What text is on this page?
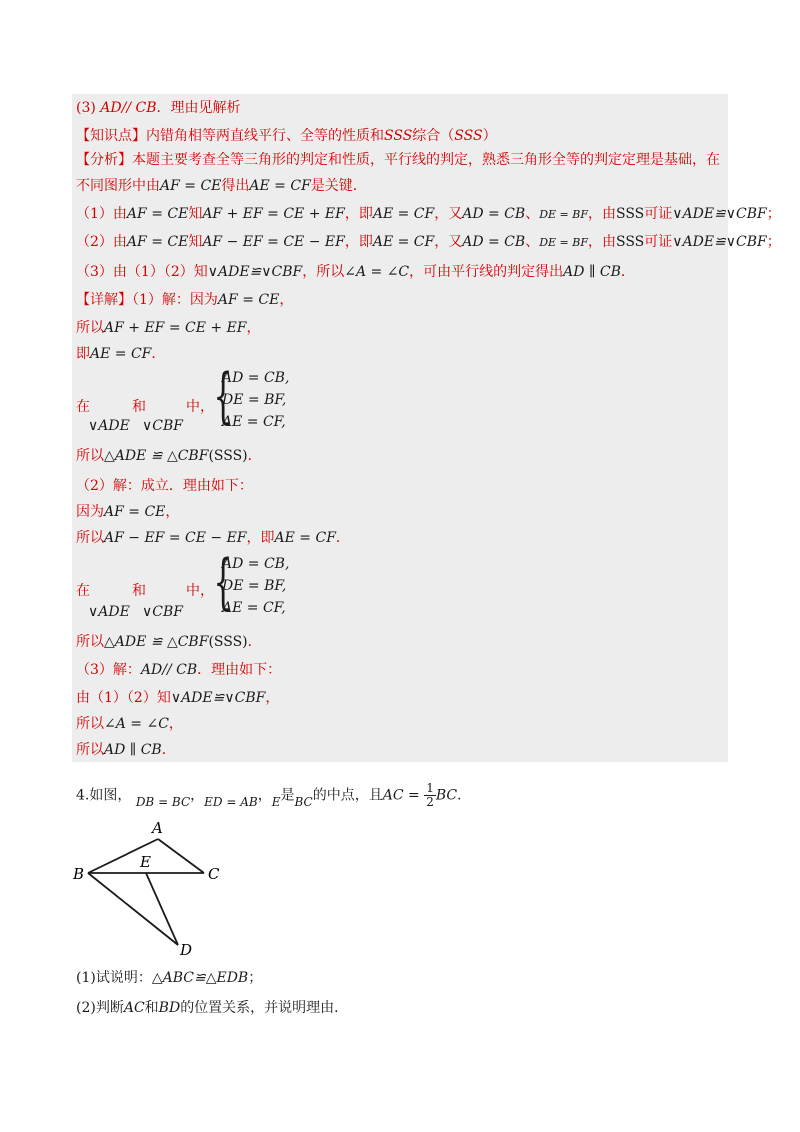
(3) AD// CB．理由见解析
【知识点】内错角相等两直线平行、全等的性质和SSS综合（SSS）
【分析】本题主要考查全等三角形的判定和性质，平行线的判定，熟悉三角形全等的判定定理是基础，在
不同图形中由AF = CE得出AE = CF是关键．
（1）由AF = CE知AF + EF = CE + EF，即AE = CF，又AD = CB、DE = BF，由SSS可证∨ADE≌∨CBF；
（2）由AF = CE知AF − EF = CE − EF，即AE = CF，又AD = CB、DE = BF，由SSS可证∨ADE≌∨CBF；
（3）由（1）（2）知∨ADE≌∨CBF，所以∠A = ∠C，可由平行线的判定得出AD ∥ CB．
【详解】（1）解：因为AF = CE，
所以AF + EF = CE + EF，
即AE = CF．
在	和	中，
∨ADE ∨CBF {
AD = CB,
DE = BF,
AE = CF,
所以△ADE ≌ △CBF(SSS)．
（2）解：成立．理由如下：
因为AF = CE，
所以AF − EF = CE − EF，即AE = CF．
在	和	中，
∨ADE ∨CBF {
AD = CB,
DE = BF,
AE = CF,
所以△ADE ≌ △CBF(SSS)．
（3）解：AD// CB．理由如下：
由（1）（2）知∨ADE≌∨CBF，
所以∠A = ∠C，
所以AD ∥ CB．
4.如图， DB = BC，ED = AB，E是BC的中点，且AC = $\frac{1}{2}$ BC．
A
B	C
E
D
(1)试说明：△ABC≌△EDB；
(2)判断AC和BD的位置关系，并说明理由．
